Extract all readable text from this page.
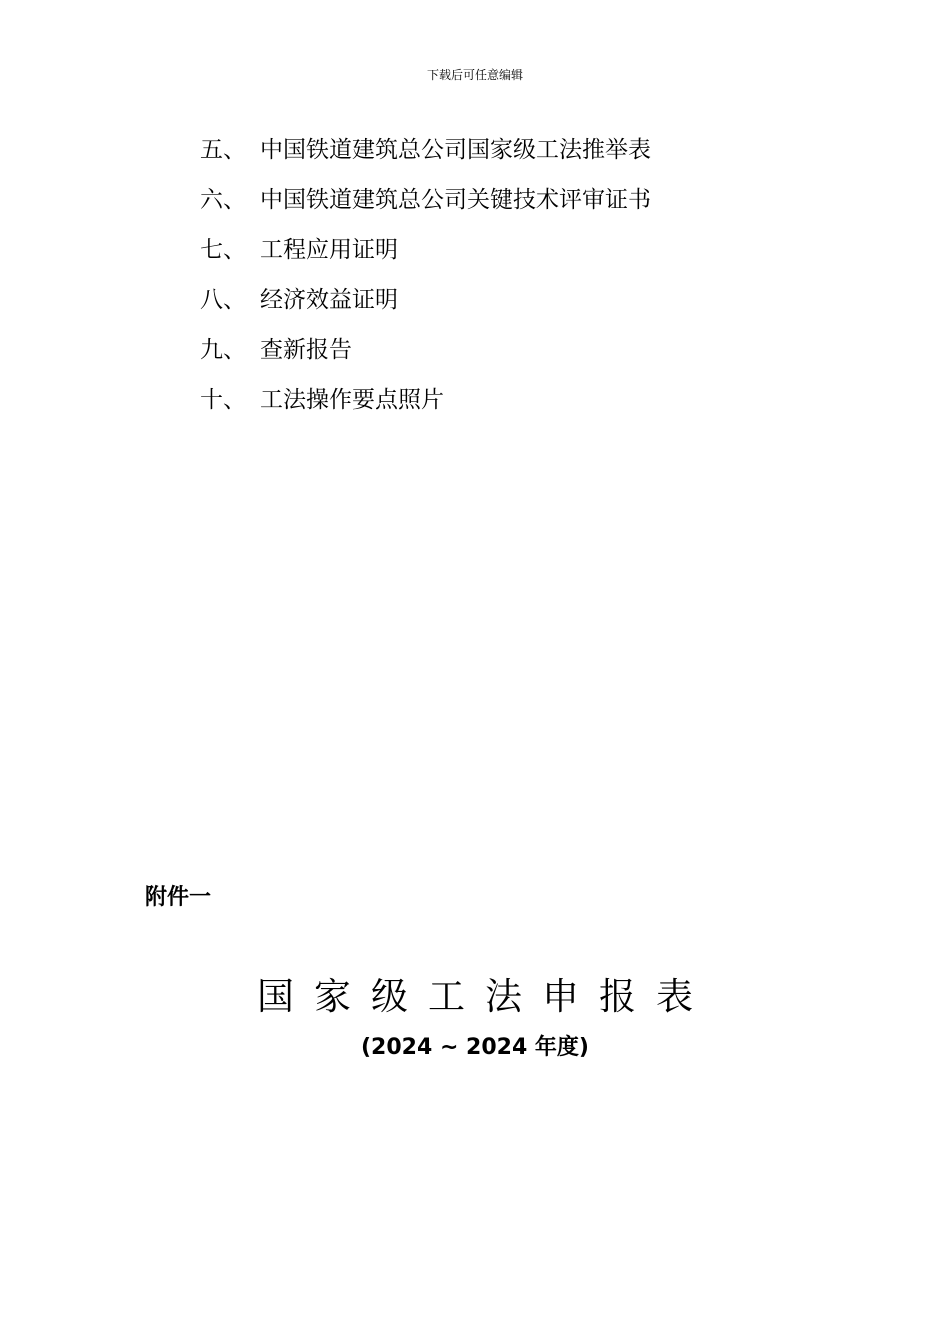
下载后可任意编辑
五、 中国铁道建筑总公司国家级工法推举表
六、 中国铁道建筑总公司关键技术评审证书
七、 工程应用证明
八、 经济效益证明
九、 查新报告
十、 工法操作要点照片
附件一
国家级工法申报表
(2024 ~ 2024 年度)
